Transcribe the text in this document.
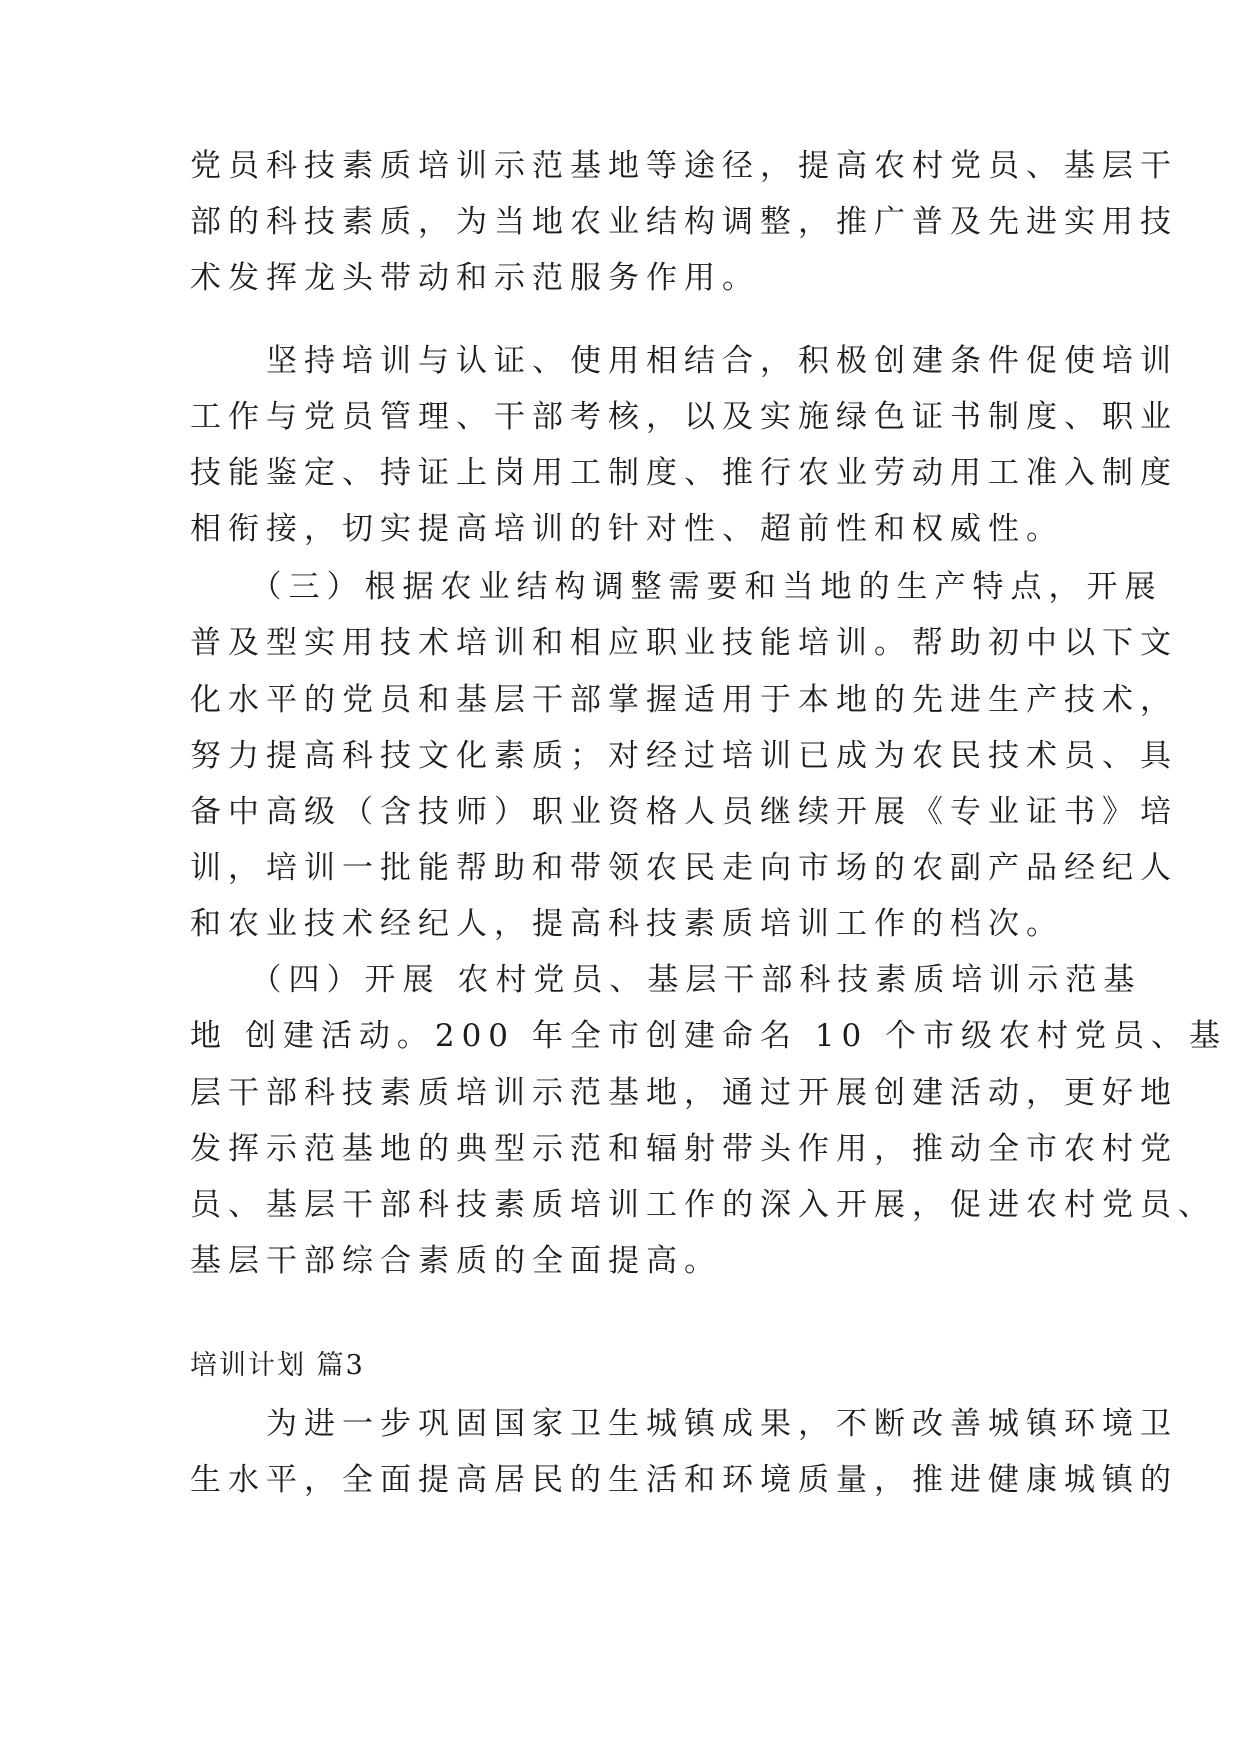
党员科技素质培训示范基地等途径，提高农村党员、基层干
部的科技素质，为当地农业结构调整，推广普及先进实用技
术发挥龙头带动和示范服务作用。
　　坚持培训与认证、使用相结合，积极创建条件促使培训
工作与党员管理、干部考核，以及实施绿色证书制度、职业
技能鉴定、持证上岗用工制度、推行农业劳动用工准入制度
相衔接，切实提高培训的针对性、超前性和权威性。
　　（三）根据农业结构调整需要和当地的生产特点，开展
普及型实用技术培训和相应职业技能培训。帮助初中以下文
化水平的党员和基层干部掌握适用于本地的先进生产技术，
努力提高科技文化素质；对经过培训已成为农民技术员、具
备中高级（含技师）职业资格人员继续开展《专业证书》培
训，培训一批能帮助和带领农民走向市场的农副产品经纪人
和农业技术经纪人，提高科技素质培训工作的档次。
　　（四）开展 农村党员、基层干部科技素质培训示范基
地 创建活动。200 年全市创建命名 10 个市级农村党员、基
层干部科技素质培训示范基地，通过开展创建活动，更好地
发挥示范基地的典型示范和辐射带头作用，推动全市农村党
员、基层干部科技素质培训工作的深入开展，促进农村党员、
基层干部综合素质的全面提高。
培训计划 篇3
　　为进一步巩固国家卫生城镇成果，不断改善城镇环境卫
生水平，全面提高居民的生活和环境质量，推进健康城镇的
